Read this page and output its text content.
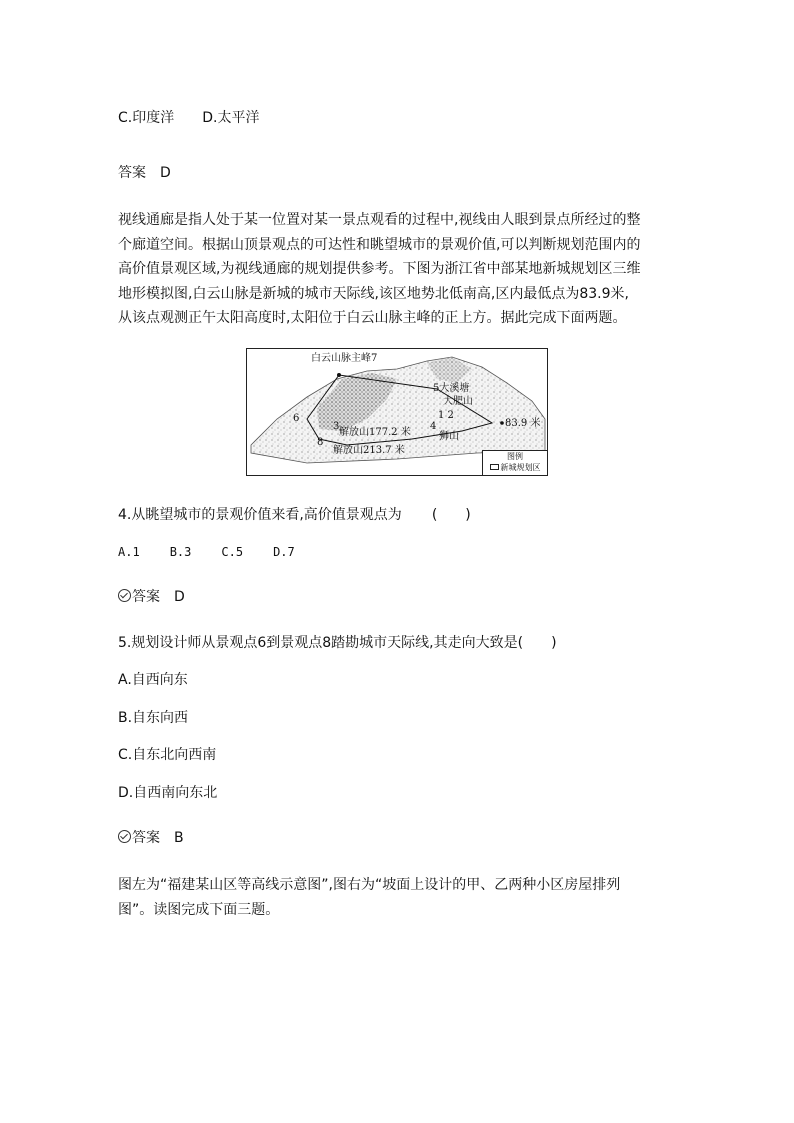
C.印度洋 D.太平洋
答案 D
视线通廊是指人处于某一位置对某一景点观看的过程中,视线由人眼到景点所经过的整
个廊道空间。根据山顶景观点的可达性和眺望城市的景观价值,可以判断规划范围内的
高价值景观区域,为视线通廊的规划提供参考。下图为浙江省中部某地新城规划区三维
地形模拟图,白云山脉是新城的城市天际线,该区地势北低南高,区内最低点为83.9米,
从该点观测正午太阳高度时,太阳位于白云山脉主峰的正上方。据此完成下面两题。
白云山脉主峰7
5大溪塘
大肥山
1 2
83.9 米
6
3
解放山177.2 米
4
狮山
8
解放山213.7 米
图例
新城规划区
4.从眺望城市的景观价值来看,高价值景观点为 (　　)
A.1	B.3	C.5	D.7
答案 D
5.规划设计师从景观点6到景观点8踏勘城市天际线,其走向大致是(　　)
A.自西向东
B.自东向西
C.自东北向西南
D.自西南向东北
答案 B
图左为“福建某山区等高线示意图”,图右为“坡面上设计的甲、乙两种小区房屋排列
图”。读图完成下面三题。
